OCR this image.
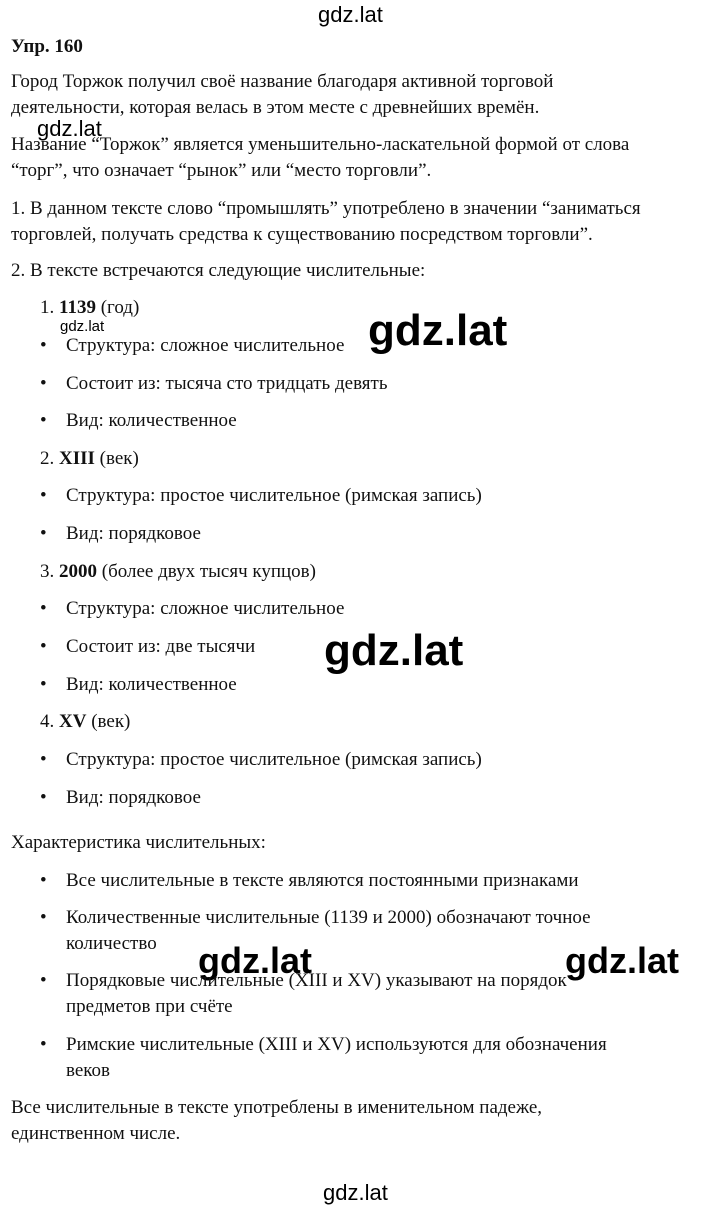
gdz.lat
gdz.lat
gdz.lat	gdz.lat
gdz.lat
gdz.lat	gdz.lat
gdz.lat
Упр. 160
Город Торжок получил своё название благодаря активной торговой
деятельности, которая велась в этом месте с древнейших времён.
Название “Торжок” является уменьшительно-ласкательной формой от слова
“торг”, что означает “рынок” или “место торговли”.
1. В данном тексте слово “промышлять” употреблено в значении “заниматься
торговлей, получать средства к существованию посредством торговли”.
2. В тексте встречаются следующие числительные:
1. 1139 (год)
• Структура: сложное числительное
• Состоит из: тысяча сто тридцать девять
• Вид: количественное
2. XIII (век)
• Структура: простое числительное (римская запись)
• Вид: порядковое
3. 2000 (более двух тысяч купцов)
• Структура: сложное числительное
• Состоит из: две тысячи
• Вид: количественное
4. XV (век)
• Структура: простое числительное (римская запись)
• Вид: порядковое
Характеристика числительных:
• Все числительные в тексте являются постоянными признаками
• Количественные числительные (1139 и 2000) обозначают точное
количество
• Порядковые числительные (XIII и XV) указывают на порядок
предметов при счёте
• Римские числительные (XIII и XV) используются для обозначения
веков
Все числительные в тексте употреблены в именительном падеже,
единственном числе.
